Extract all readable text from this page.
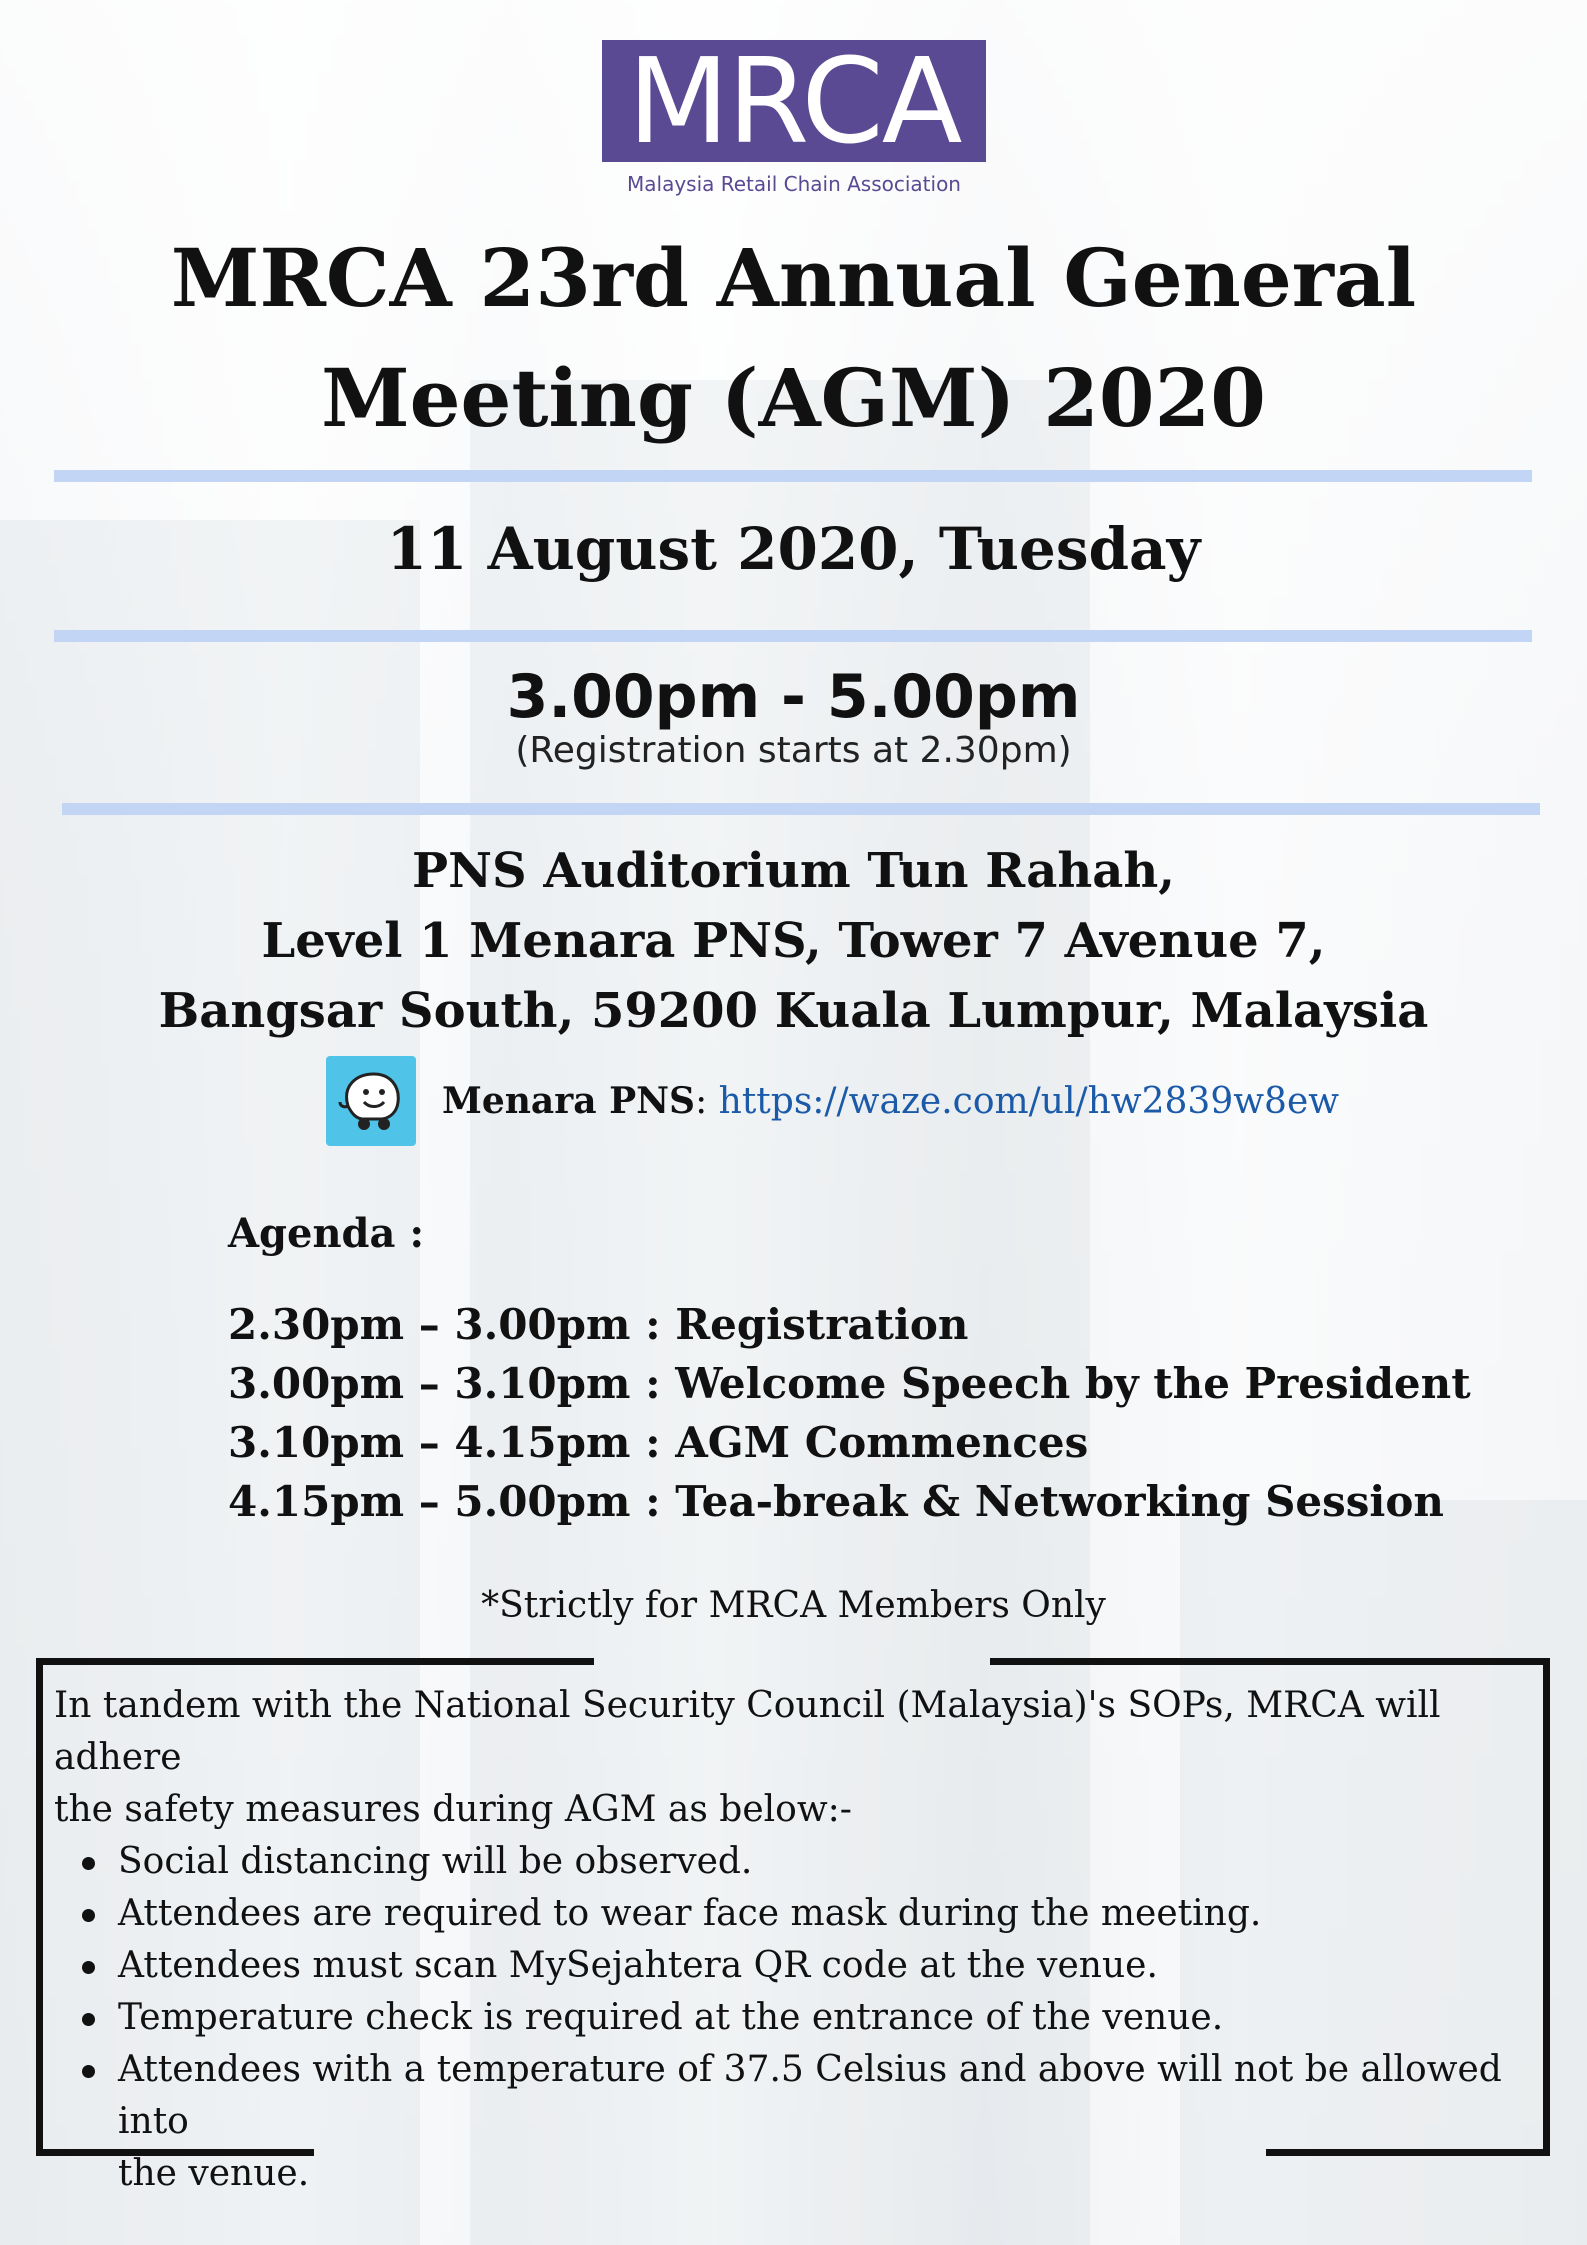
MRCA
Malaysia Retail Chain Association
MRCA 23rd Annual General
Meeting (AGM) 2020
11 August 2020, Tuesday
3.00pm - 5.00pm
(Registration starts at 2.30pm)
PNS Auditorium Tun Rahah,
Level 1 Menara PNS, Tower 7 Avenue 7,
Bangsar South, 59200 Kuala Lumpur, Malaysia
Menara PNS: https://waze.com/ul/hw2839w8ew
Agenda :
2.30pm – 3.00pm : Registration
3.00pm – 3.10pm : Welcome Speech by the President
3.10pm – 4.15pm : AGM Commences
4.15pm – 5.00pm : Tea-break & Networking Session
*Strictly for MRCA Members Only
In tandem with the National Security Council (Malaysia)'s SOPs, MRCA will adhere
the safety measures during AGM as below:-
Social distancing will be observed.
Attendees are required to wear face mask during the meeting.
Attendees must scan MySejahtera QR code at the venue.
Temperature check is required at the entrance of the venue.
Attendees with a temperature of 37.5 Celsius and above will not be allowed into
the venue.
